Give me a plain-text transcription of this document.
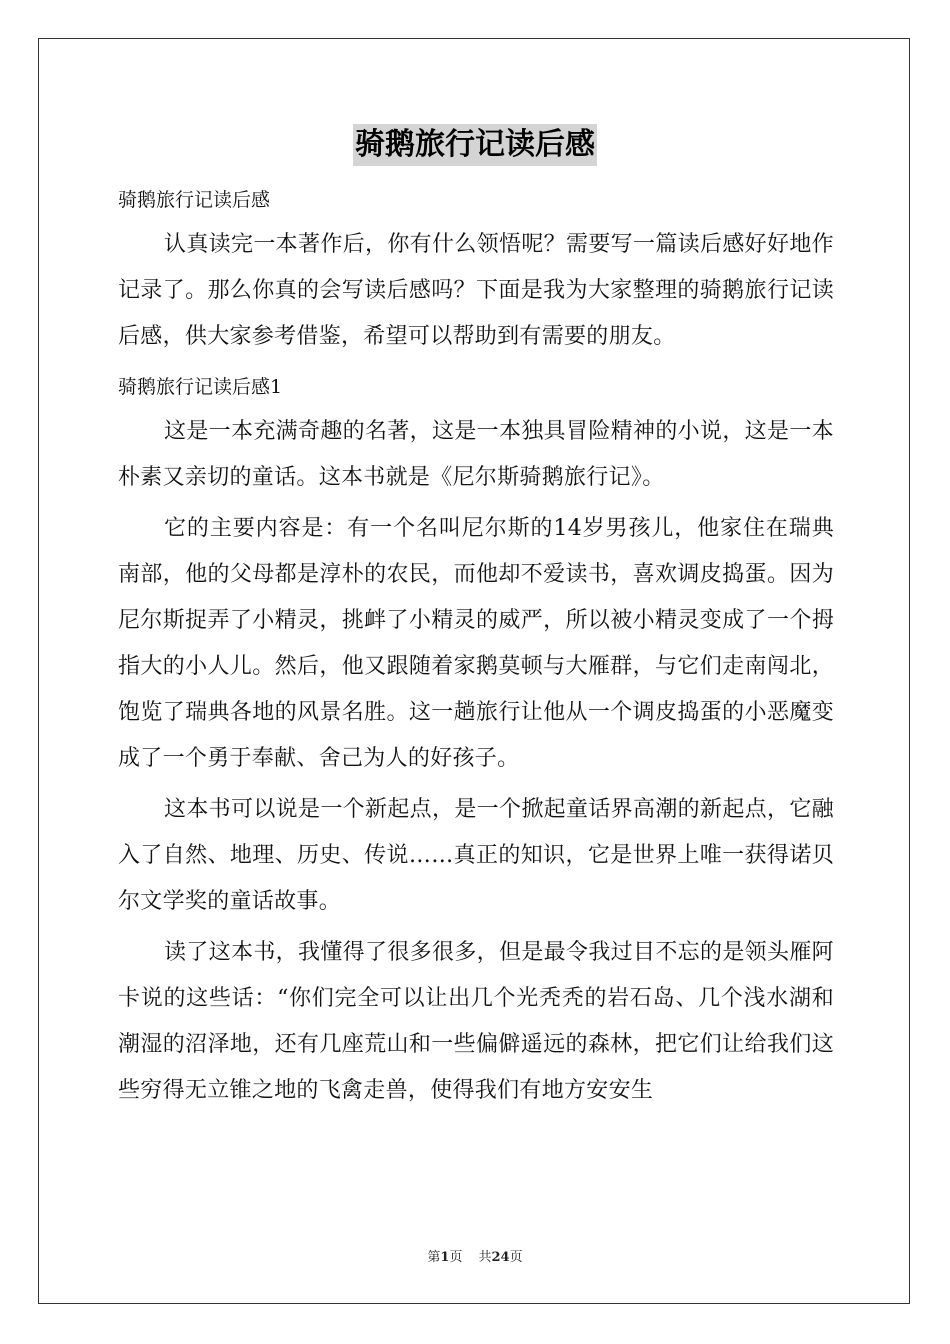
骑鹅旅行记读后感

骑鹅旅行记读后感

认真读完一本著作后，你有什么领悟呢？需要写一篇读后感好好地作记录了。那么你真的会写读后感吗？下面是我为大家整理的骑鹅旅行记读后感，供大家参考借鉴，希望可以帮助到有需要的朋友。

骑鹅旅行记读后感1

这是一本充满奇趣的名著，这是一本独具冒险精神的小说，这是一本朴素又亲切的童话。这本书就是《尼尔斯骑鹅旅行记》。

它的主要内容是：有一个名叫尼尔斯的14岁男孩儿，他家住在瑞典南部，他的父母都是淳朴的农民，而他却不爱读书，喜欢调皮捣蛋。因为尼尔斯捉弄了小精灵，挑衅了小精灵的威严，所以被小精灵变成了一个拇指大的小人儿。然后，他又跟随着家鹅莫顿与大雁群，与它们走南闯北，饱览了瑞典各地的风景名胜。这一趟旅行让他从一个调皮捣蛋的小恶魔变成了一个勇于奉献、舍己为人的好孩子。

这本书可以说是一个新起点，是一个掀起童话界高潮的新起点，它融入了自然、地理、历史、传说……真正的知识，它是世界上唯一获得诺贝尔文学奖的童话故事。

读了这本书，我懂得了很多很多，但是最令我过目不忘的是领头雁阿卡说的这些话：“你们完全可以让出几个光秃秃的岩石岛、几个浅水湖和潮湿的沼泽地，还有几座荒山和一些偏僻遥远的森林，把它们让给我们这些穷得无立锥之地的飞禽走兽，使得我们有地方安安生

第1页 共24页
